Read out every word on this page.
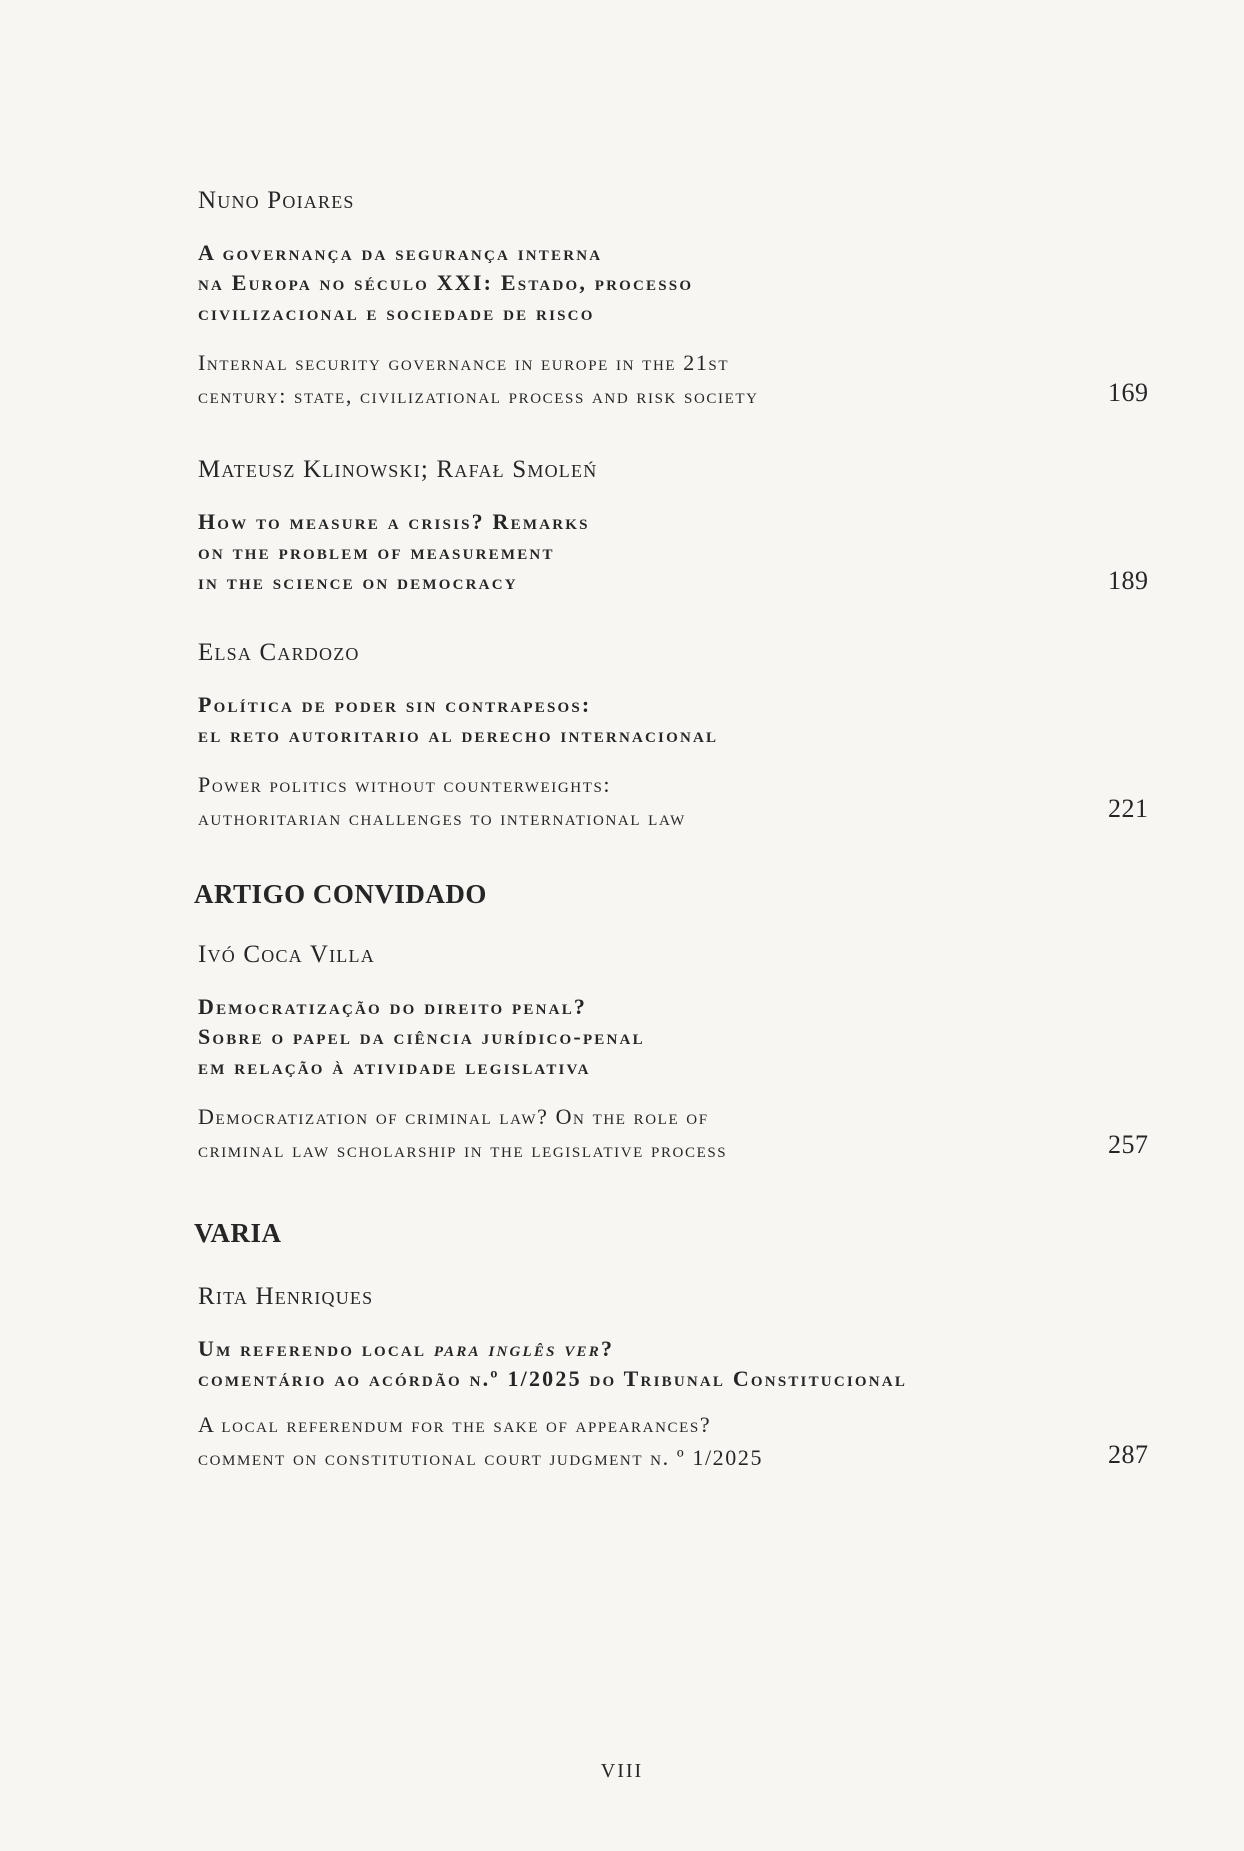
Nuno Poiares

A governança da segurança interna
na Europa no século XXI: Estado, processo
civilizacional e sociedade de risco

Internal security governance in europe in the 21st
century: state, civilizational process and risk society	169

Mateusz Klinowski; Rafał Smoleń

How to measure a crisis? Remarks
on the problem of measurement
in the science on democracy	189

Elsa Cardozo

Política de poder sin contrapesos:
el reto autoritario al derecho internacional

Power politics without counterweights:
authoritarian challenges to international law	221
ARTIGO CONVIDADO

Ivó Coca Villa

Democratização do direito penal?
Sobre o papel da ciência jurídico-penal
em relação à atividade legislativa

Democratization of criminal law? On the role of
criminal law scholarship in the legislative process	257
VARIA

Rita Henriques

Um referendo local para inglês ver?
comentário ao acórdão n.º 1/2025 do Tribunal Constitucional

A local referendum for the sake of appearances?
comment on constitutional court judgment n. º 1/2025	287
VIII
